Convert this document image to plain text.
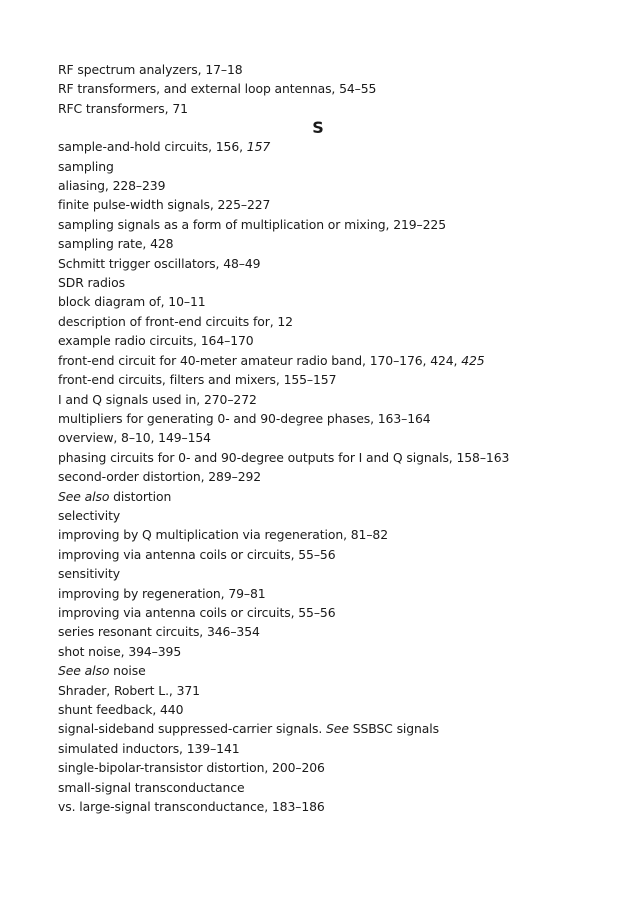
RF spectrum analyzers, 17–18
RF transformers, and external loop antennas, 54–55
RFC transformers, 71
S
sample-and-hold circuits, 156, 157
sampling
aliasing, 228–239
finite pulse-width signals, 225–227
sampling signals as a form of multiplication or mixing, 219–225
sampling rate, 428
Schmitt trigger oscillators, 48–49
SDR radios
block diagram of, 10–11
description of front-end circuits for, 12
example radio circuits, 164–170
front-end circuit for 40-meter amateur radio band, 170–176, 424, 425
front-end circuits, filters and mixers, 155–157
I and Q signals used in, 270–272
multipliers for generating 0- and 90-degree phases, 163–164
overview, 8–10, 149–154
phasing circuits for 0- and 90-degree outputs for I and Q signals, 158–163
second-order distortion, 289–292
See also distortion
selectivity
improving by Q multiplication via regeneration, 81–82
improving via antenna coils or circuits, 55–56
sensitivity
improving by regeneration, 79–81
improving via antenna coils or circuits, 55–56
series resonant circuits, 346–354
shot noise, 394–395
See also noise
Shrader, Robert L., 371
shunt feedback, 440
signal-sideband suppressed-carrier signals. See SSBSC signals
simulated inductors, 139–141
single-bipolar-transistor distortion, 200–206
small-signal transconductance
vs. large-signal transconductance, 183–186
